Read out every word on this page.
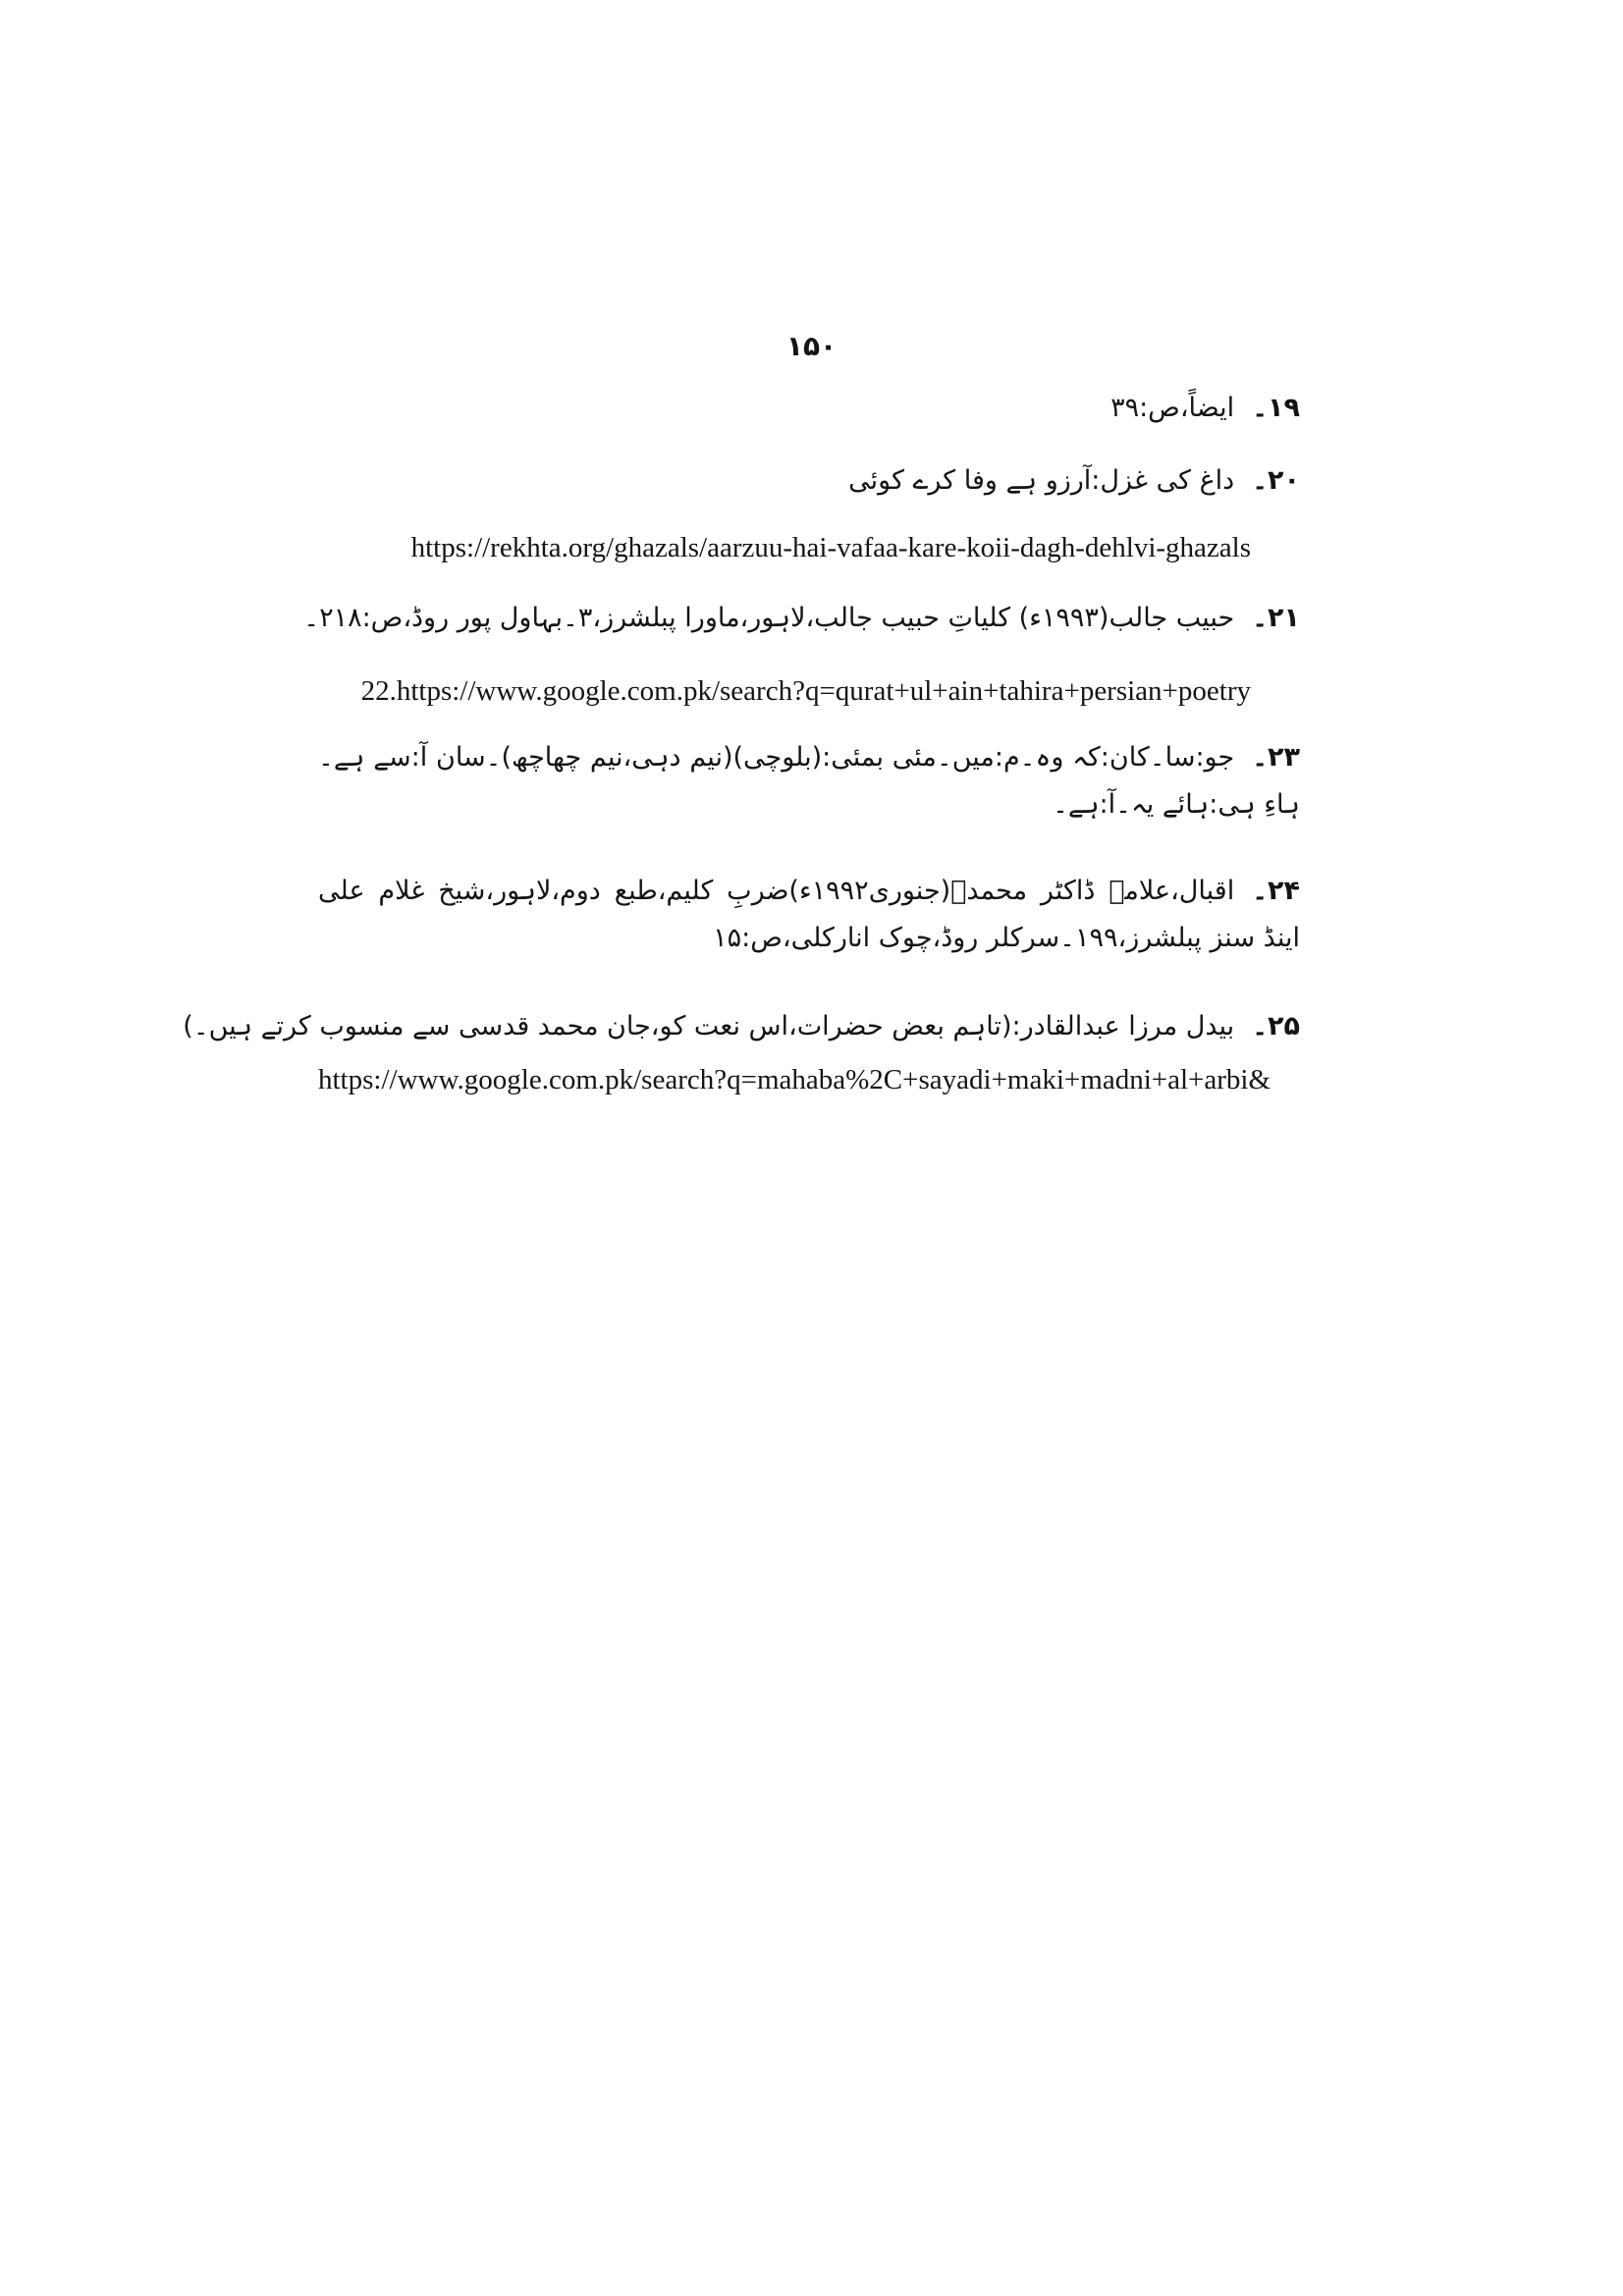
۱۵۰
۱۹۔ایضاً،ص:۳۹
۲۰۔داغ کی غزل:آرزو ہے وفا کرے کوئی
https://rekhta.org/ghazals/aarzuu-hai-vafaa-kare-koii-dagh-dehlvi-ghazals
۲۱۔حبیب جالب(۱۹۹۳ء) کلیاتِ حبیب جالب،لاہور،ماورا پبلشرز،۳۔بہاول پور روڈ،ص:۲۱۸۔
22.https://www.google.com.pk/search?q=qurat+ul+ain+tahira+persian+poetry
۲۳۔جو:سا۔کان:کہ وہ۔م:میں۔مئی بمئی:(بلوچی)(نیم دہی،نیم چھاچھ)۔سان آ:سے ہے۔ہاءِ ہی:ہائے یہ۔آ:ہے۔
۲۴۔اقبال،علامہ ڈاکٹر محمدؒ(جنوری۱۹۹۲ء)ضربِ کلیم،طبع دوم،لاہور،شیخ غلام علی اینڈ سنز پبلشرز،۱۹۹۔سرکلر روڈ،چوک انارکلی،ص:۱۵
۲۵۔بیدل مرزا عبدالقادر:(تاہم بعض حضرات،اس نعت کو،جان محمد قدسی سے منسوب کرتے ہیں۔)
https://www.google.com.pk/search?q=mahaba%2C+sayadi+maki+madni+al+arbi&
